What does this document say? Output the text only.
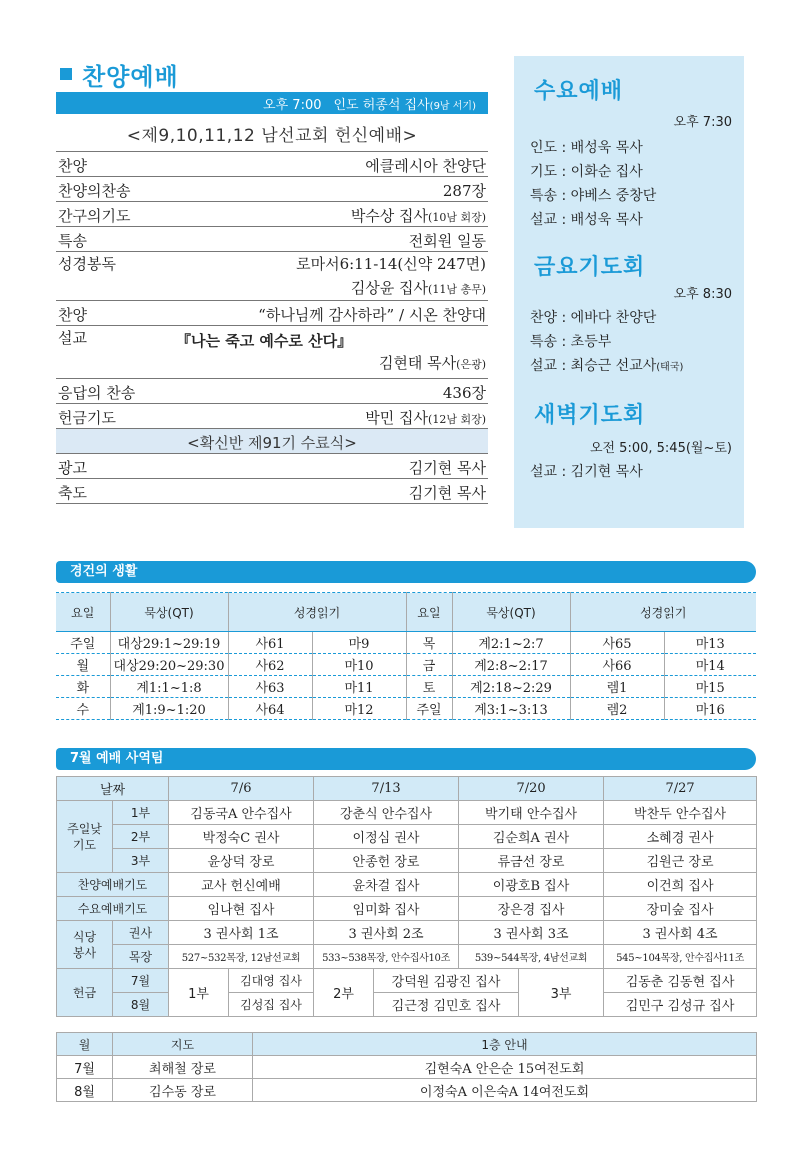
찬양예배
오후 7:00 인도 허종석 집사(9남 서기)
<제9,10,11,12 남선교회 헌신예배>
찬양	에클레시아 찬양단
찬양의찬송	287장
간구의기도	박수상 집사(10남 회장)
특송	전회원 일동
성경봉독	로마서6:11-14(신약 247면)
김상윤 집사(11남 총무)
찬양	“하나님께 감사하라” / 시온 찬양대
설교	『나는 죽고 예수로 산다』
김현태 목사(은광)
응답의 찬송	436장
헌금기도	박민 집사(12남 회장)
<확신반 제91기 수료식>
광고	김기현 목사
축도	김기현 목사
수요예배
오후 7:30
인도 : 배성욱 목사
기도 : 이화순 집사
특송 : 야베스 중창단
설교 : 배성욱 목사
금요기도회
오후 8:30
찬양 : 에바다 찬양단
특송 : 초등부
설교 : 최승근 선교사(태국)
새벽기도회
오전 5:00, 5:45(월~토)
설교 : 김기현 목사
경건의 생활
요일	묵상(QT)	성경읽기		요일	묵상(QT)	성경읽기	
주일	대상29:1~29:19	사61	마9	목	계2:1~2:7	사65	마13
월	대상29:20~29:30	사62	마10	금	계2:8~2:17	사66	마14
화	계1:1~1:8	사63	마11	토	계2:18~2:29	렘1	마15
수	계1:9~1:20	사64	마12	주일	계3:1~3:13	렘2	마16
7월 예배 사역팀
날짜		7/6		7/13		7/20		7/27
주일낮 기도	1부	김동국A 안수집사		강춘식 안수집사		박기태 안수집사		박찬두 안수집사
	2부	박정숙C 권사		이정심 권사		김순희A 권사		소혜경 권사
	3부	윤상덕 장로		안종헌 장로		류금선 장로		김원근 장로
찬양예배기도		교사 헌신예배		윤차걸 집사		이광호B 집사		이건희 집사
수요예배기도		임나현 집사		임미화 집사		장은경 집사		장미숲 집사
식당 봉사	권사	3 권사회 1조		3 권사회 2조		3 권사회 3조		3 권사회 4조
	목장	527~532목장, 12남선교회		533~538목장, 안수집사10조		539~544목장, 4남선교회		545~104목장, 안수집사11조
헌금	7월	1부	김대영 집사	2부	강덕원 김광진 집사		3부	김동춘 김동현 집사
	8월		김성집 집사		김근정 김민호 집사			김민구 김성규 집사
월	지도	1층 안내
7월	최해철 장로	김현숙A 안은순 15여전도회
8월	김수동 장로	이정숙A 이은숙A 14여전도회
